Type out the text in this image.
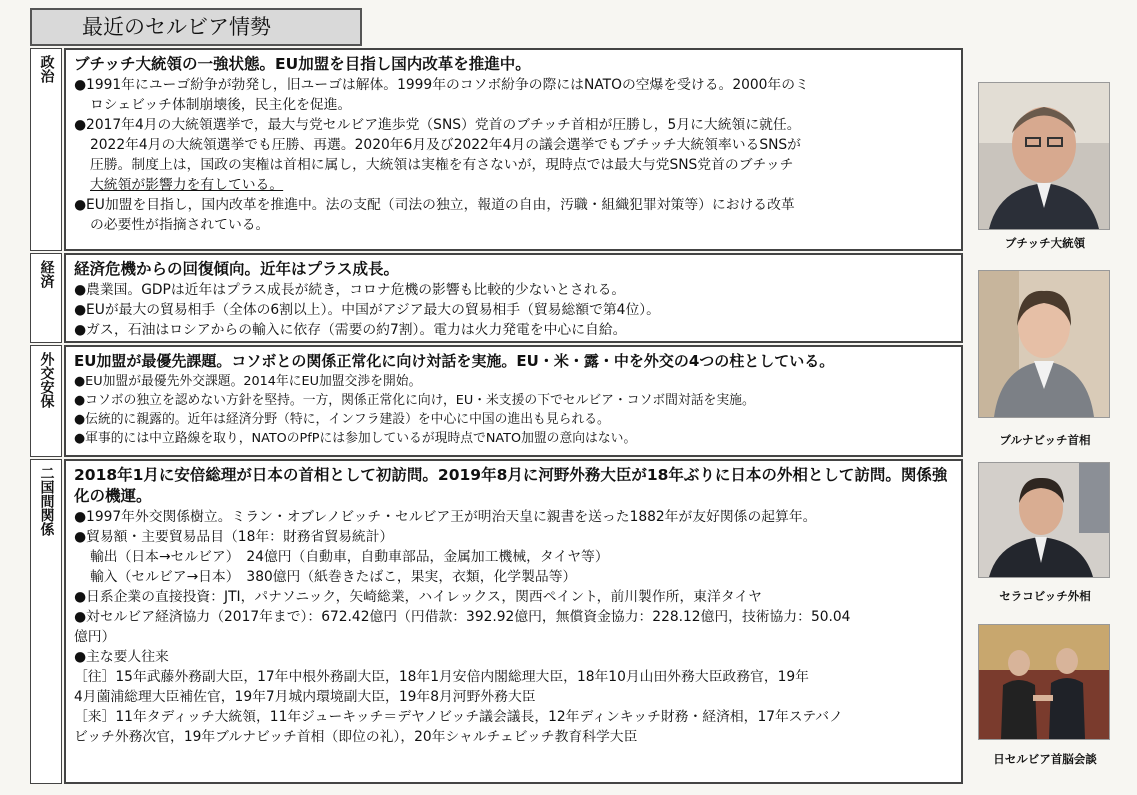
最近のセルビア情勢
政治 ブチッチ大統領の一強状態。EU加盟を目指し国内改革を推進中。
●1991年にユーゴ紛争が勃発し，旧ユーゴは解体。1999年のコソボ紛争の際にはNATOの空爆を受ける。2000年のミ
ロシェビッチ体制崩壊後，民主化を促進。
●2017年4月の大統領選挙で，最大与党セルビア進歩党（SNS）党首のブチッチ首相が圧勝し，5月に大統領に就任。
2022年4月の大統領選挙でも圧勝、再選。2020年6月及び2022年4月の議会選挙でもブチッチ大統領率いるSNSが
圧勝。制度上は，国政の実権は首相に属し，大統領は実権を有さないが，現時点では最大与党SNS党首のブチッチ
大統領が影響力を有している。
●EU加盟を目指し，国内改革を推進中。法の支配（司法の独立，報道の自由，汚職・組織犯罪対策等）における改革
の必要性が指摘されている。
経済 経済危機からの回復傾向。近年はプラス成長。
●農業国。GDPは近年はプラス成長が続き，コロナ危機の影響も比較的少ないとされる。
●EUが最大の貿易相手（全体の6割以上）。中国がアジア最大の貿易相手（貿易総額で第4位）。
●ガス，石油はロシアからの輸入に依存（需要の約7割）。電力は火力発電を中心に自給。
外交安保 EU加盟が最優先課題。コソボとの関係正常化に向け対話を実施。EU・米・露・中を外交の4つの柱としている。
●EU加盟が最優先外交課題。2014年にEU加盟交渉を開始。
●コソボの独立を認めない方針を堅持。一方，関係正常化に向け，EU・米支援の下でセルビア・コソボ間対話を実施。
●伝統的に親露的。近年は経済分野（特に，インフラ建設）を中心に中国の進出も見られる。
●軍事的には中立路線を取り，NATOのPfPには参加しているが現時点でNATO加盟の意向はない。
二国間関係 2018年1月に安倍総理が日本の首相として初訪問。2019年8月に河野外務大臣が18年ぶりに日本の外相として訪問。関係強化の機運。
●1997年外交関係樹立。ミラン・オブレノビッチ・セルビア王が明治天皇に親書を送った1882年が友好関係の起算年。
●貿易額・主要貿易品目（18年：財務省貿易統計）
輸出（日本→セルビア）　24億円（自動車，自動車部品，金属加工機械，タイヤ等）
輸入（セルビア→日本）　380億円（紙巻きたばこ，果実，衣類，化学製品等）
●日系企業の直接投資：JTI，パナソニック，矢崎総業，ハイレックス，関西ペイント，前川製作所，東洋タイヤ
●対セルビア経済協力（2017年まで）：672.42億円（円借款：392.92億円，無償資金協力：228.12億円，技術協力：50.04
億円）
●主な要人往来
［往］15年武藤外務副大臣，17年中根外務副大臣，18年1月安倍内閣総理大臣，18年10月山田外務大臣政務官，19年
4月薗浦総理大臣補佐官，19年7月城内環境副大臣，19年8月河野外務大臣
［来］11年タディッチ大統領，11年ジューキッチ＝デヤノビッチ議会議長，12年ディンキッチ財務・経済相，17年ステバノ
ビッチ外務次官，19年ブルナビッチ首相（即位の礼），20年シャルチェビッチ教育科学大臣
ブチッチ大統領
ブルナビッチ首相
セラコビッチ外相
日セルビア首脳会談
